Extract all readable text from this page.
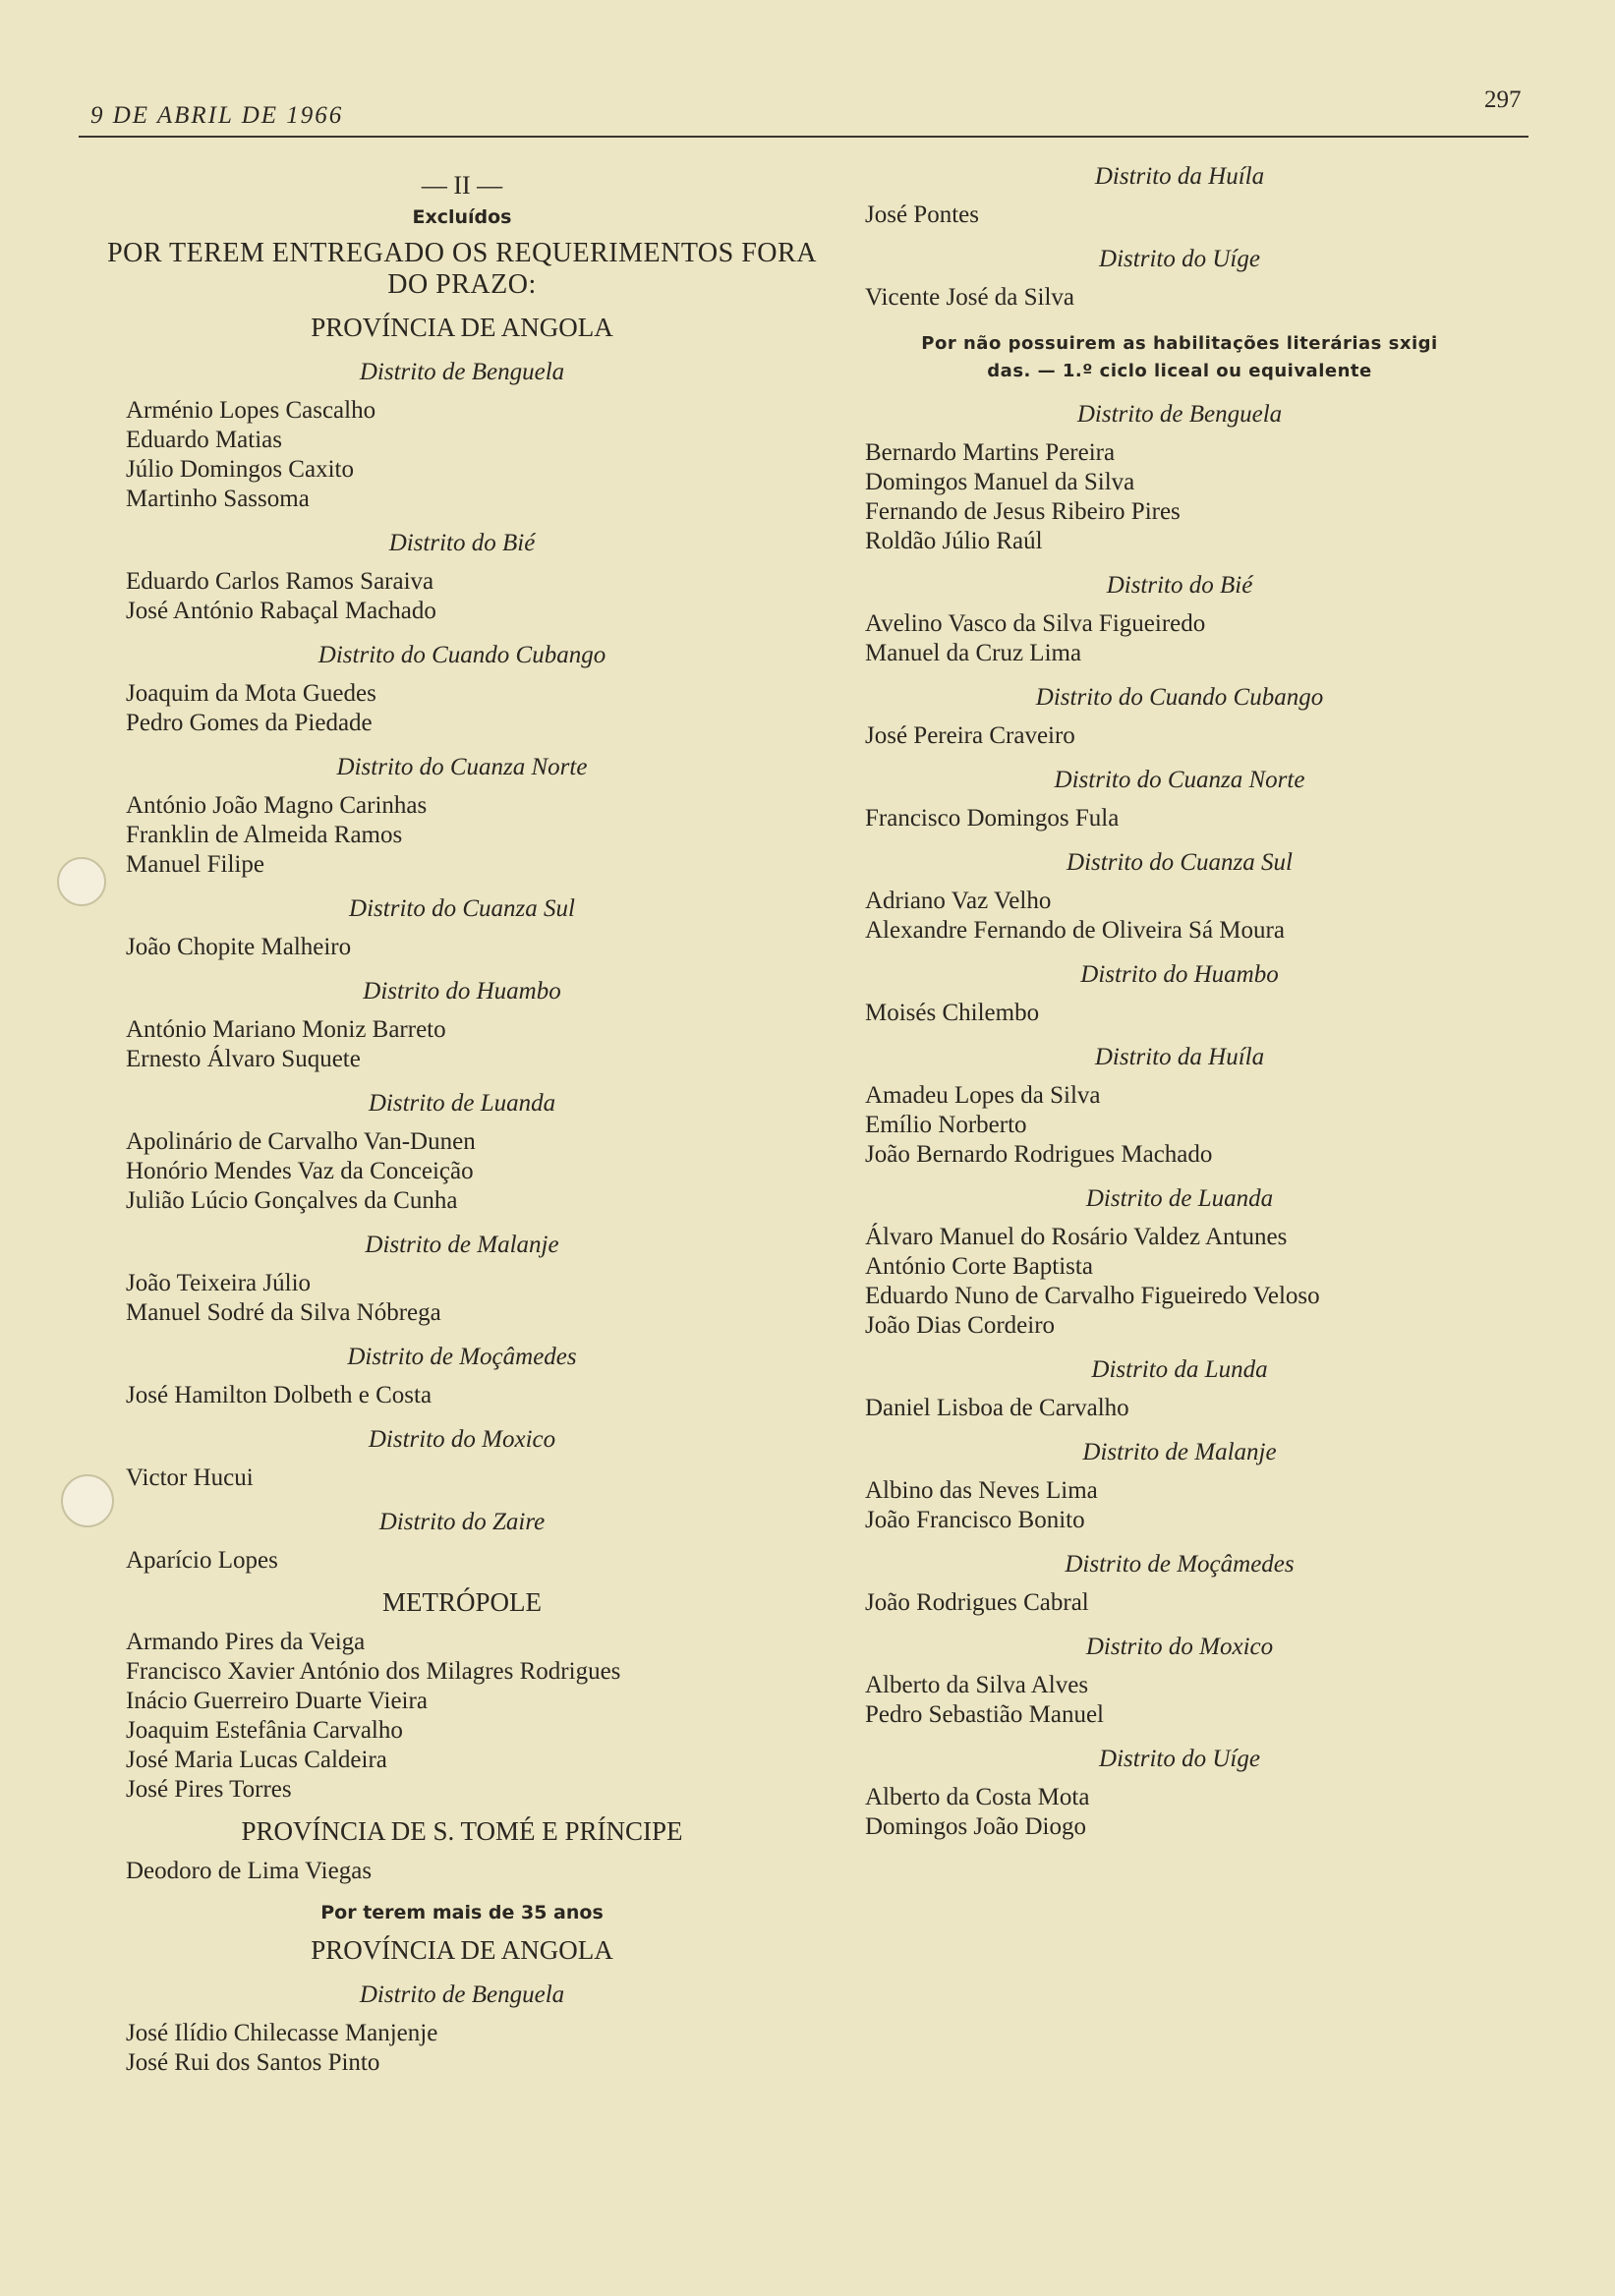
9 DE ABRIL DE 1966
297
— II —
Excluídos
POR TEREM ENTREGADO OS REQUERIMENTOS FORA DO PRAZO:
PROVÍNCIA DE ANGOLA
Distrito de Benguela
Arménio Lopes Cascalho
Eduardo Matias
Júlio Domingos Caxito
Martinho Sassoma
Distrito do Bié
Eduardo Carlos Ramos Saraiva
José António Rabaçal Machado
Distrito do Cuando Cubango
Joaquim da Mota Guedes
Pedro Gomes da Piedade
Distrito do Cuanza Norte
António João Magno Carinhas
Franklin de Almeida Ramos
Manuel Filipe
Distrito do Cuanza Sul
João Chopite Malheiro
Distrito do Huambo
António Mariano Moniz Barreto
Ernesto Álvaro Suquete
Distrito de Luanda
Apolinário de Carvalho Van-Dunen
Honório Mendes Vaz da Conceição
Julião Lúcio Gonçalves da Cunha
Distrito de Malanje
João Teixeira Júlio
Manuel Sodré da Silva Nóbrega
Distrito de Moçâmedes
José Hamilton Dolbeth e Costa
Distrito do Moxico
Victor Hucui
Distrito do Zaire
Aparício Lopes
METRÓPOLE
Armando Pires da Veiga
Francisco Xavier António dos Milagres Rodrigues
Inácio Guerreiro Duarte Vieira
Joaquim Estefânia Carvalho
José Maria Lucas Caldeira
José Pires Torres
PROVÍNCIA DE S. TOMÉ E PRÍNCIPE
Deodoro de Lima Viegas
Por terem mais de 35 anos
PROVÍNCIA DE ANGOLA
Distrito de Benguela
José Ilídio Chilecasse Manjenje
José Rui dos Santos Pinto
Distrito da Huíla
José Pontes
Distrito do Uíge
Vicente José da Silva
Por não possuirem as habilitações literárias sxigi
das. — 1.º ciclo liceal ou equivalente
Distrito de Benguela
Bernardo Martins Pereira
Domingos Manuel da Silva
Fernando de Jesus Ribeiro Pires
Roldão Júlio Raúl
Distrito do Bié
Avelino Vasco da Silva Figueiredo
Manuel da Cruz Lima
Distrito do Cuando Cubango
José Pereira Craveiro
Distrito do Cuanza Norte
Francisco Domingos Fula
Distrito do Cuanza Sul
Adriano Vaz Velho
Alexandre Fernando de Oliveira Sá Moura
Distrito do Huambo
Moisés Chilembo
Distrito da Huíla
Amadeu Lopes da Silva
Emílio Norberto
João Bernardo Rodrigues Machado
Distrito de Luanda
Álvaro Manuel do Rosário Valdez Antunes
António Corte Baptista
Eduardo Nuno de Carvalho Figueiredo Veloso
João Dias Cordeiro
Distrito da Lunda
Daniel Lisboa de Carvalho
Distrito de Malanje
Albino das Neves Lima
João Francisco Bonito
Distrito de Moçâmedes
João Rodrigues Cabral
Distrito do Moxico
Alberto da Silva Alves
Pedro Sebastião Manuel
Distrito do Uíge
Alberto da Costa Mota
Domingos João Diogo
